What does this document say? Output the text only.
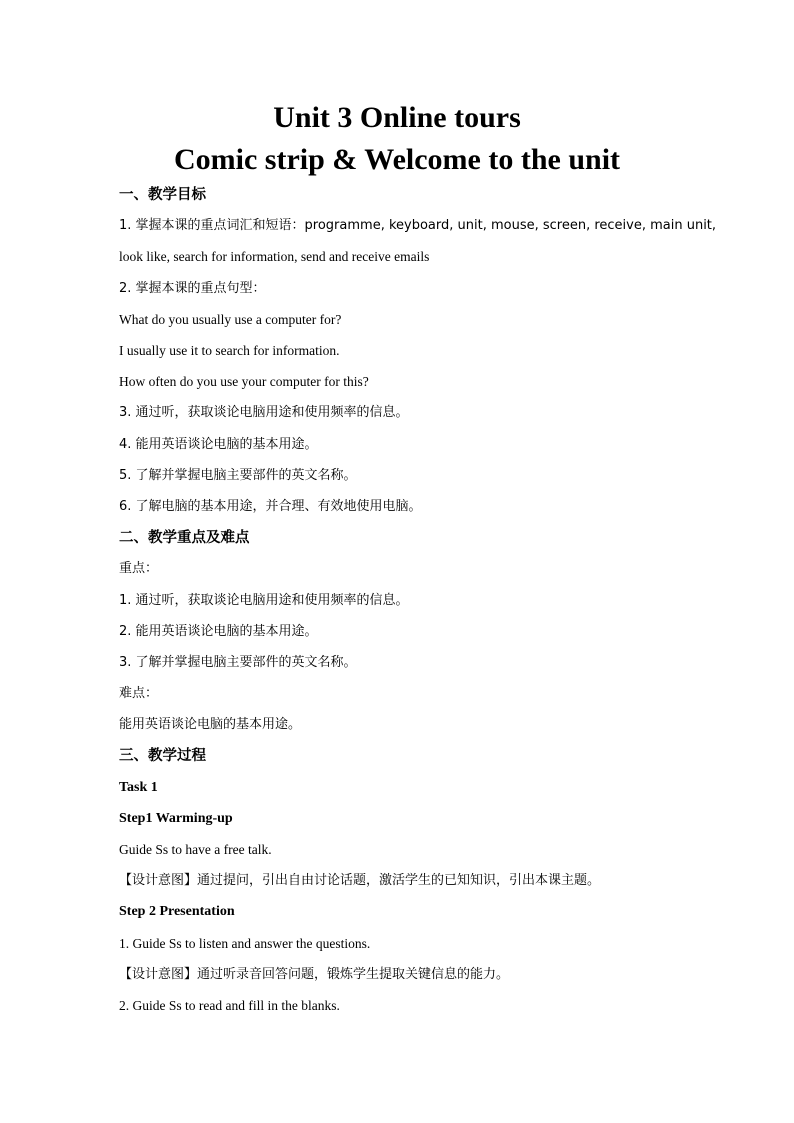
Unit 3 Online tours
Comic strip & Welcome to the unit
一、教学目标
1. 掌握本课的重点词汇和短语：programme, keyboard, unit, mouse, screen, receive, main unit,
look like, search for information, send and receive emails
2. 掌握本课的重点句型：
What do you usually use a computer for?
I usually use it to search for information.
How often do you use your computer for this?
3. 通过听，获取谈论电脑用途和使用频率的信息。
4. 能用英语谈论电脑的基本用途。
5. 了解并掌握电脑主要部件的英文名称。
6. 了解电脑的基本用途，并合理、有效地使用电脑。
二、教学重点及难点
重点：
1. 通过听，获取谈论电脑用途和使用频率的信息。
2. 能用英语谈论电脑的基本用途。
3. 了解并掌握电脑主要部件的英文名称。
难点：
能用英语谈论电脑的基本用途。
三、教学过程
Task 1
Step1 Warming-up
Guide Ss to have a free talk.
【设计意图】通过提问，引出自由讨论话题，激活学生的已知知识，引出本课主题。
Step 2 Presentation
1. Guide Ss to listen and answer the questions.
【设计意图】通过听录音回答问题，锻炼学生提取关键信息的能力。
2. Guide Ss to read and fill in the blanks.
